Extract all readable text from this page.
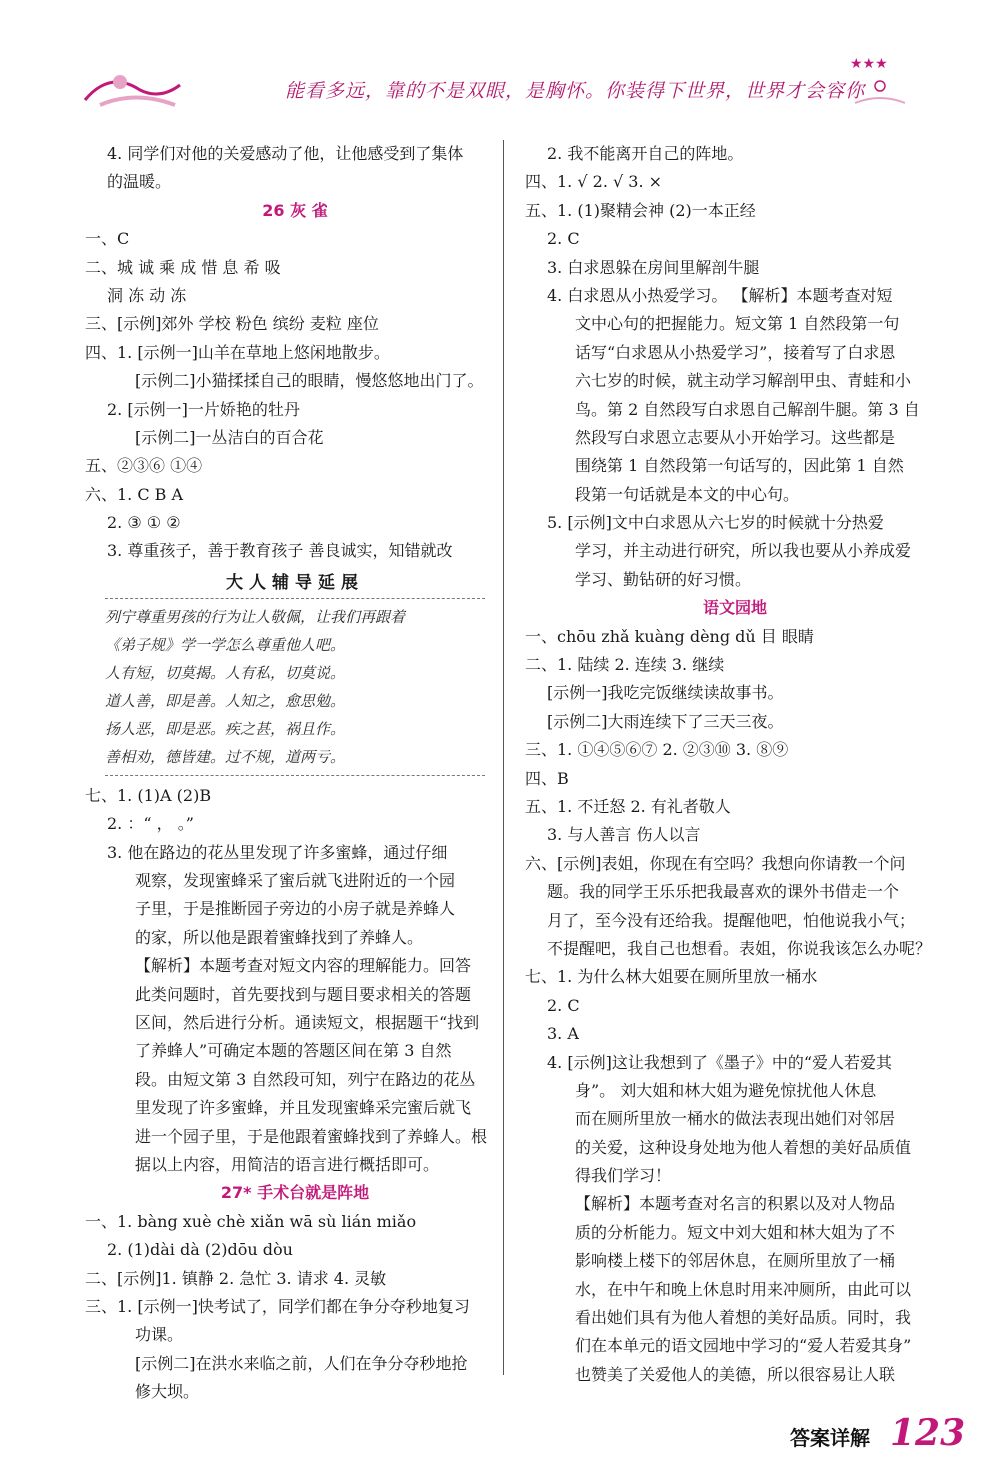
能看多远，靠的不是双眼，是胸怀。你装得下世界，世界才会容你
★★★
4. 同学们对他的关爱感动了他，让他感受到了集体
的温暖。
26 灰 雀
一、C
二、城 诚 乘 成 惜 息 希 吸
洞 冻 动 冻
三、[示例]郊外 学校 粉色 缤纷 麦粒 座位
四、1. [示例一]山羊在草地上悠闲地散步。
[示例二]小猫揉揉自己的眼睛，慢悠悠地出门了。
2. [示例一]一片娇艳的牡丹
[示例二]一丛洁白的百合花
五、②③⑥ ①④
六、1. C B A
2. ③ ① ②
3. 尊重孩子，善于教育孩子 善良诚实，知错就改
大人辅导延展
列宁尊重男孩的行为让人敬佩，让我们再跟着
《弟子规》学一学怎么尊重他人吧。
人有短，切莫揭。人有私，切莫说。
道人善，即是善。人知之，愈思勉。
扬人恶，即是恶。疾之甚，祸且作。
善相劝，德皆建。过不规，道两亏。
七、1. (1)A (2)B
2. ：“ ， 。”
3. 他在路边的花丛里发现了许多蜜蜂，通过仔细
观察，发现蜜蜂采了蜜后就飞进附近的一个园
子里，于是推断园子旁边的小房子就是养蜂人
的家，所以他是跟着蜜蜂找到了养蜂人。
【解析】本题考查对短文内容的理解能力。回答
此类问题时，首先要找到与题目要求相关的答题
区间，然后进行分析。通读短文，根据题干“找到
了养蜂人”可确定本题的答题区间在第 3 自然
段。由短文第 3 自然段可知，列宁在路边的花丛
里发现了许多蜜蜂，并且发现蜜蜂采完蜜后就飞
进一个园子里，于是他跟着蜜蜂找到了养蜂人。根
据以上内容，用简洁的语言进行概括即可。
27* 手术台就是阵地
一、1. bàng xuè chè xiǎn wā sù lián miǎo
2. (1)dài dà (2)dōu dòu
二、[示例]1. 镇静 2. 急忙 3. 请求 4. 灵敏
三、1. [示例一]快考试了，同学们都在争分夺秒地复习
功课。
[示例二]在洪水来临之前，人们在争分夺秒地抢
修大坝。
2. 我不能离开自己的阵地。
四、1. √ 2. √ 3. ×
五、1. (1)聚精会神 (2)一本正经
2. C
3. 白求恩躲在房间里解剖牛腿
4. 白求恩从小热爱学习。 【解析】本题考查对短
文中心句的把握能力。短文第 1 自然段第一句
话写“白求恩从小热爱学习”，接着写了白求恩
六七岁的时候，就主动学习解剖甲虫、青蛙和小
鸟。第 2 自然段写白求恩自己解剖牛腿。第 3 自
然段写白求恩立志要从小开始学习。这些都是
围绕第 1 自然段第一句话写的，因此第 1 自然
段第一句话就是本文的中心句。
5. [示例]文中白求恩从六七岁的时候就十分热爱
学习，并主动进行研究，所以我也要从小养成爱
学习、勤钻研的好习惯。
语文园地
一、chōu zhǎ kuàng dèng dǔ 目 眼睛
二、1. 陆续 2. 连续 3. 继续
[示例一]我吃完饭继续读故事书。
[示例二]大雨连续下了三天三夜。
三、1. ①④⑤⑥⑦ 2. ②③⑩ 3. ⑧⑨
四、B
五、1. 不迁怒 2. 有礼者敬人
3. 与人善言 伤人以言
六、[示例]表姐，你现在有空吗？我想向你请教一个问
题。我的同学王乐乐把我最喜欢的课外书借走一个
月了，至今没有还给我。提醒他吧，怕他说我小气；
不提醒吧，我自己也想看。表姐，你说我该怎么办呢？
七、1. 为什么林大姐要在厕所里放一桶水
2. C
3. A
4. [示例]这让我想到了《墨子》中的“爱人若爱其
身”。 刘大姐和林大姐为避免惊扰他人休息
而在厕所里放一桶水的做法表现出她们对邻居
的关爱，这种设身处地为他人着想的美好品质值
得我们学习！
【解析】本题考查对名言的积累以及对人物品
质的分析能力。短文中刘大姐和林大姐为了不
影响楼上楼下的邻居休息，在厕所里放了一桶
水，在中午和晚上休息时用来冲厕所，由此可以
看出她们具有为他人着想的美好品质。同时，我
们在本单元的语文园地中学习的“爱人若爱其身”
也赞美了关爱他人的美德，所以很容易让人联
答案详解 123
